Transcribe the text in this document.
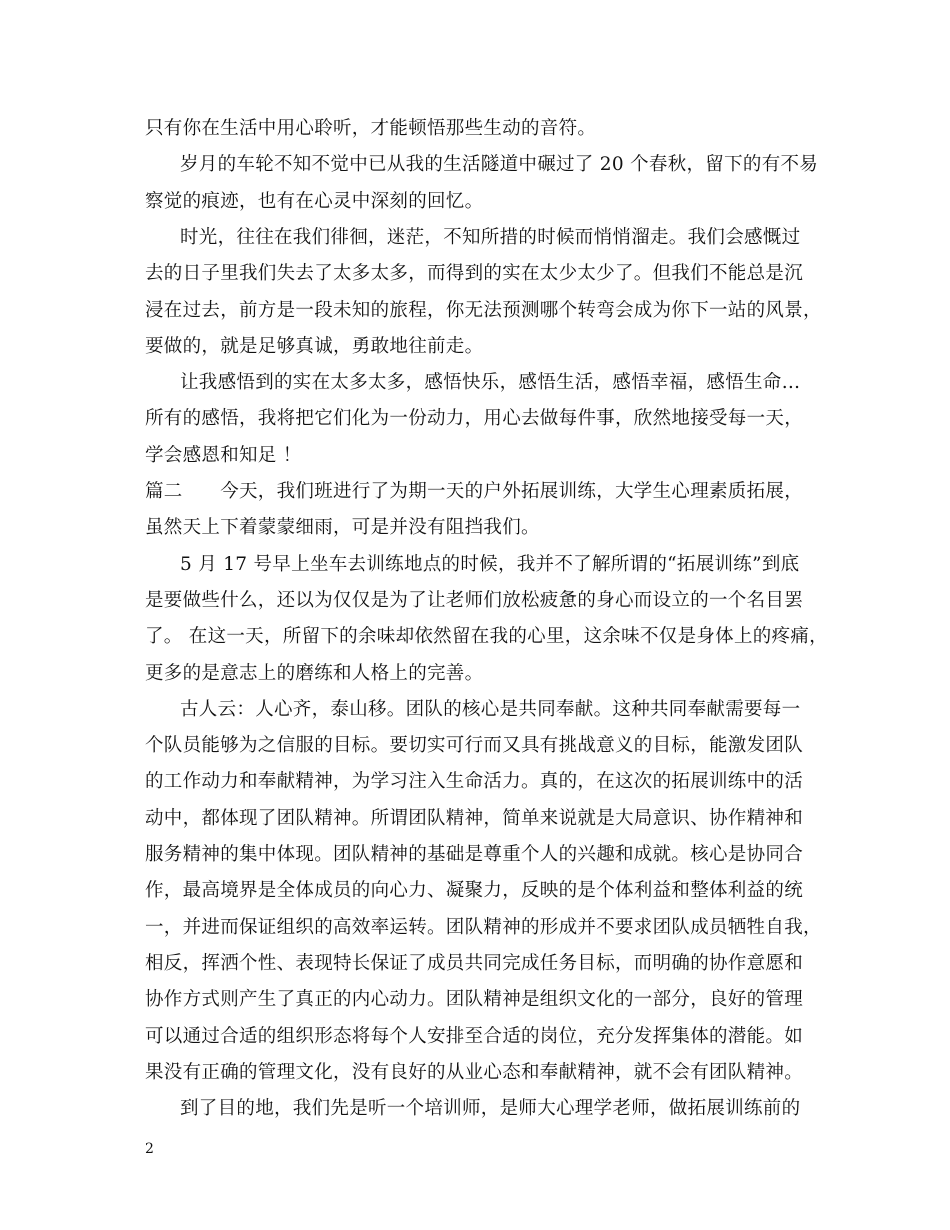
只有你在生活中用心聆听，才能顿悟那些生动的音符。
岁月的车轮不知不觉中已从我的生活隧道中碾过了 20 个春秋，留下的有不易
察觉的痕迹，也有在心灵中深刻的回忆。
时光，往往在我们徘徊，迷茫，不知所措的时候而悄悄溜走。我们会感慨过
去的日子里我们失去了太多太多，而得到的实在太少太少了。但我们不能总是沉
浸在过去，前方是一段未知的旅程，你无法预测哪个转弯会成为你下一站的风景，
要做的，就是足够真诚，勇敢地往前走。
让我感悟到的实在太多太多，感悟快乐，感悟生活，感悟幸福，感悟生命…
所有的感悟，我将把它们化为一份动力，用心去做每件事，欣然地接受每一天，
学会感恩和知足 ！
篇二　　今天，我们班进行了为期一天的户外拓展训练，大学生心理素质拓展，
虽然天上下着蒙蒙细雨，可是并没有阻挡我们。
5 月 17 号早上坐车去训练地点的时候，我并不了解所谓的“拓展训练”到底
是要做些什么，还以为仅仅是为了让老师们放松疲惫的身心而设立的一个名目罢
了。 在这一天，所留下的余味却依然留在我的心里，这余味不仅是身体上的疼痛，
更多的是意志上的磨练和人格上的完善。
古人云：人心齐，泰山移。团队的核心是共同奉献。这种共同奉献需要每一
个队员能够为之信服的目标。要切实可行而又具有挑战意义的目标，能激发团队
的工作动力和奉献精神，为学习注入生命活力。真的，在这次的拓展训练中的活
动中，都体现了团队精神。所谓团队精神，简单来说就是大局意识、协作精神和
服务精神的集中体现。团队精神的基础是尊重个人的兴趣和成就。核心是协同合
作，最高境界是全体成员的向心力、凝聚力，反映的是个体利益和整体利益的统
一，并进而保证组织的高效率运转。团队精神的形成并不要求团队成员牺牲自我，
相反，挥洒个性、表现特长保证了成员共同完成任务目标，而明确的协作意愿和
协作方式则产生了真正的内心动力。团队精神是组织文化的一部分，良好的管理
可以通过合适的组织形态将每个人安排至合适的岗位，充分发挥集体的潜能。如
果没有正确的管理文化，没有良好的从业心态和奉献精神，就不会有团队精神。
到了目的地，我们先是听一个培训师，是师大心理学老师，做拓展训练前的
2
